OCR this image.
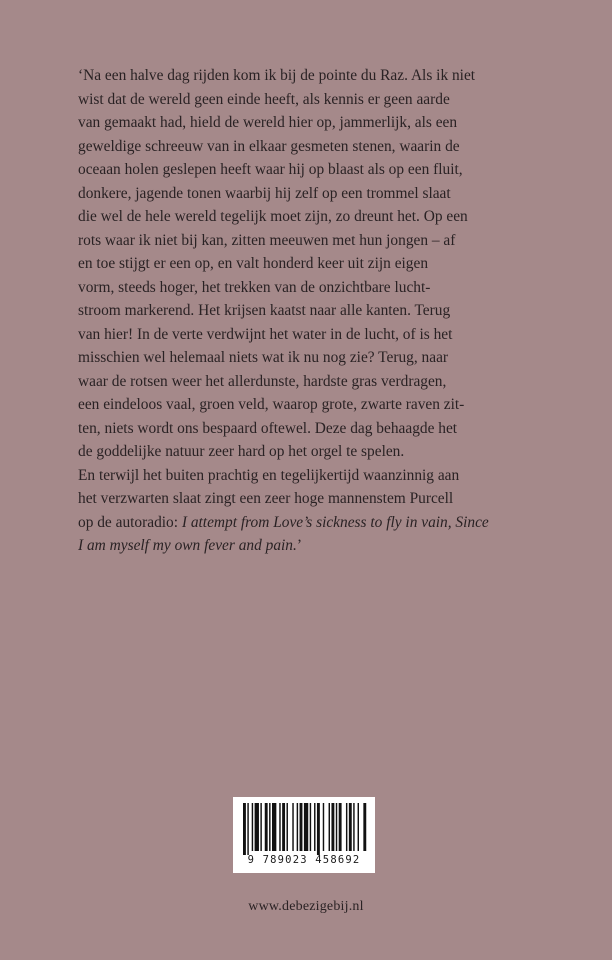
‘Na een halve dag rijden kom ik bij de pointe du Raz. Als ik niet
wist dat de wereld geen einde heeft, als kennis er geen aarde
van gemaakt had, hield de wereld hier op, jammerlijk, als een
geweldige schreeuw van in elkaar gesmeten stenen, waarin de
oceaan holen geslepen heeft waar hij op blaast als op een fluit,
donkere, jagende tonen waarbij hij zelf op een trommel slaat
die wel de hele wereld tegelijk moet zijn, zo dreunt het. Op een
rots waar ik niet bij kan, zitten meeuwen met hun jongen – af
en toe stijgt er een op, en valt honderd keer uit zijn eigen
vorm, steeds hoger, het trekken van de onzichtbare lucht-
stroom markerend. Het krijsen kaatst naar alle kanten. Terug
van hier! In de verte verdwijnt het water in de lucht, of is het
misschien wel helemaal niets wat ik nu nog zie? Terug, naar
waar de rotsen weer het allerdunste, hardste gras verdragen,
een eindeloos vaal, groen veld, waarop grote, zwarte raven zit-
ten, niets wordt ons bespaard oftewel. Deze dag behaagde het
de goddelijke natuur zeer hard op het orgel te spelen.
En terwijl het buiten prachtig en tegelijkertijd waanzinnig aan
het verzwarten slaat zingt een zeer hoge mannenstem Purcell
op de autoradio: I attempt from Love’s sickness to fly in vain, Since
I am myself my own fever and pain.’
9 789023 458692
www.debezigebij.nl
